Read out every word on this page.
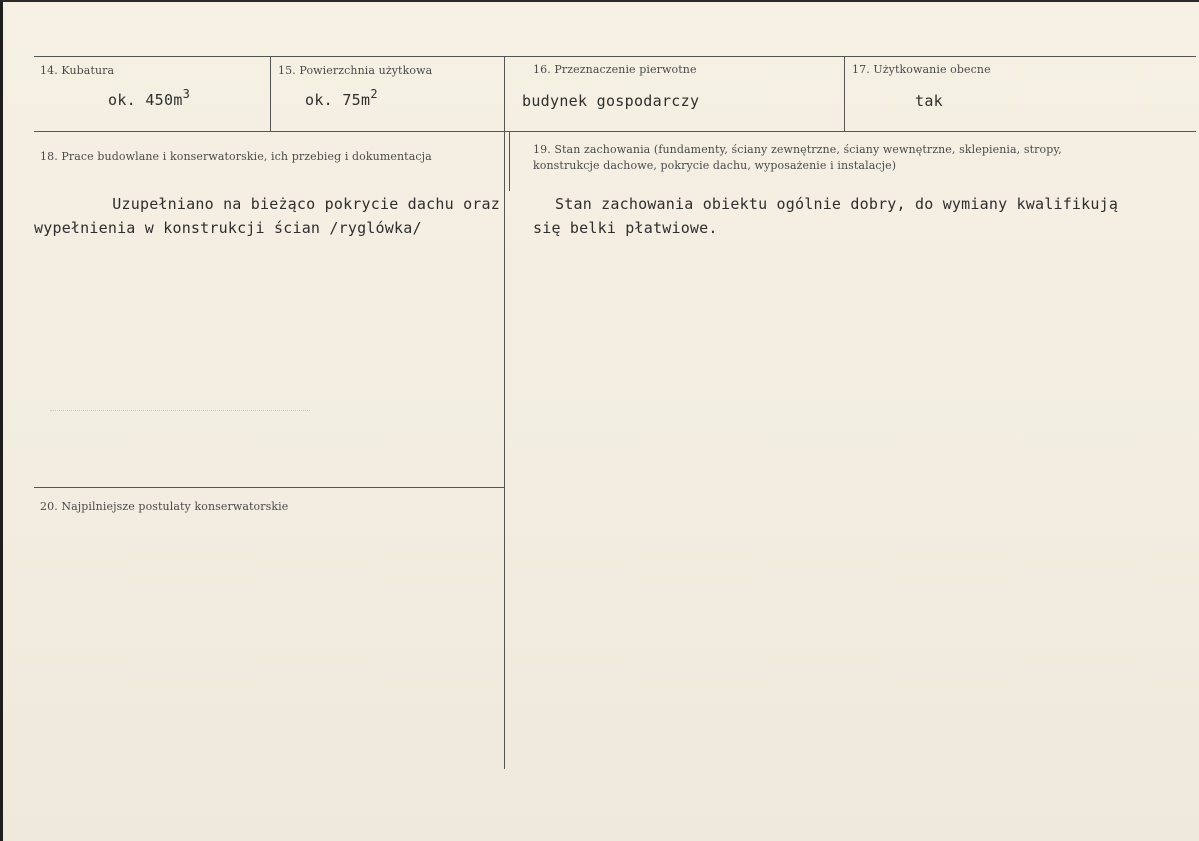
14. Kubatura
ok. $450m^3$
15. Powierzchnia użytkowa
ok. $75m^2$
16. Przeznaczenie pierwotne
budynek gospodarczy
17. Użytkowanie obecne
tak
18. Prace budowlane i konserwatorskie, ich przebieg i dokumentacja
Uzupełniano na bieżąco pokrycie dachu oraz
wypełnienia w konstrukcji ścian /ryglówka/
19. Stan zachowania (fundamenty, ściany zewnętrzne, ściany wewnętrzne, sklepienia, stropy,
konstrukcje dachowe, pokrycie dachu, wyposażenie i instalacje)
Stan zachowania obiektu ogólnie dobry, do wymiany kwalifikują
się belki płatwiowe.
20. Najpilniejsze postulaty konserwatorskie
